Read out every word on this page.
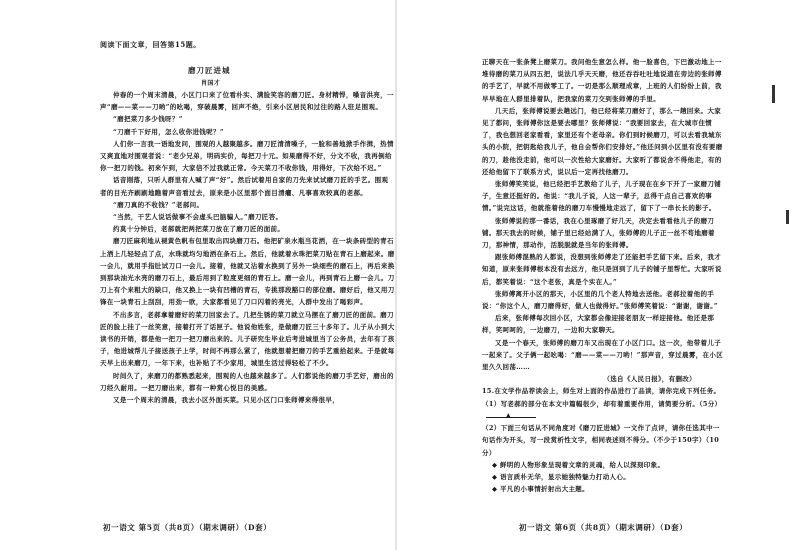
阅读下面文章，回答第15题。
磨刀匠进城
肖国才

仲春的一个周末清晨，小区门口来了位看朴实、满脸笑容的磨刀匠。身材精悍，嗓音洪亮，一声“磨——菜——刀哟”的吆喝，穿破晨雾，回声不绝，引来小区居民和过往的路人驻足围观。

“磨把菜刀多少钱呀？”

“刀磨千下好用，怎么收你进钱呢？”

人们你一言我一语地发问，围观的人越聚越多。磨刀匠清清嗓子，一脸和善地掀手作揖，热情又爽直地对围观者说：“老少兄弟，明码实价，每把刀十元。如果磨得不好，分文不收，我再倒给你一把刀的钱。初来乍到，大家信不过我就正常。今天菜刀不收你钱，用得好，下次给不迟。”

话音刚落，只听人群里有人喊了声“好”。然后试着用自家的刀先来试试磨刀匠的手艺。围观者的目光齐刷刷地瞧着声音看过去，原来是小区里那个面目清癯、凡事喜欢较真的老郝。

“磨刀真的不收钱？”老郝问。

“当然，干艺人说话做事不会虚头巴脑骗人。”磨刀匠答。

约莫十分钟后，老郝就把两把菜刀放在了磨刀匠的面前。

磨刀匠麻利地从褪黄色帆布包里取出四块磨刀石。他把矿泉水瓶当花洒，在一块条砖型的青石上洒上几轻轻点了点，水珠就均匀地洒在条石上。然后，他就着水珠把菜刀贴在青石上磨起来。磨一会儿，就用手指肚试刀口一会儿。接着，他就又沾着水换到了另外一块细些的磨石上，再后来换到那块油光水亮的磨刀石上，最后用到了粒度更细的青石上。磨一会儿，再到青石上磨一会儿。刀刀上有个来粗大的缺口，他又换上一块有凹槽的青石，专挑那段豁口的部位磨。磨好后，他又用刀锋在一块青石上刮刮，用劲一欧，大家都看见了刀口闪着的亮光，人群中发出了喝彩声。

不出多言，老郝拿着磨好的菜刀回家去了。几把生锈的菜刀就立马摆在了磨刀匠的面前。磨刀匠的脸上挂了一丝笑意，接着打开了话匣子。他说他姓张，是做磨刀匠三十多年了。儿子从小到大读书的开销，都是他一把刀一把刀磨出来的。儿子研究生毕业后考进城里当了公务员，去年有了孩子，他进城帮儿子接送孩子上学，时间不再那么紧了，他就想着把磨刀的手艺重拾起来。于是就每天早上出来磨刀，一年下来，也补贴了不少家用，城里生活过得轻松了不少。

时间久了，来磨刀的都熟悉起来，围观的人也越来越多了。人们都说他的磨刀手艺好，磨出的刀经久耐用。一把刀磨出来，都有一种赏心悦目的美感。

又是一个周末的清晨，我去小区外面买菜。只见小区门口张师傅来得很早，

初一语文 第5页（共8页）（期末调研）（D套）

正聊天在一张条凳上磨菜刀。我问他生意怎么样。他一脸喜色，下巴激动地上一堆待磨的菜刀从四五把，说法几乎天天磨，他还吞吞吐吐地说道在旁边的张师傅的手艺了，早就不用做零工了。一切是那么顺理成章，上班的人们纷纷上前，我早早地在人群里排着队，把我家的菜刀交到张师傅的手里。

几天后，张师傅说要去趟远门，他已经将菜刀磨好了，那么一趟回来。大家见了都问，张师傅你这是要去哪里？张师傅说：“我要回家去，在大城市住惯了，我也想回老家看看，家里还有个老母亲。你们到时候磨刀，可以去看我城东头的小院，把钥匙给我儿子，他自会帮你们安排好。”他还问到小区里有没有要磨的刀，趁他没走前，他可以一次性给大家磨好。大家听了都说舍不得他走，有的还给他留下了联系方式，说以后一定再找他磨刀。

张师傅笑笑说，他已经把手艺教给了儿子，儿子现在在乡下开了一家磨刀铺子，生意还挺好的。他说：“我儿子说，人这一辈子，总得干点自己喜欢的事情。”说完这话，他就推着他的磨刀车慢慢地走远了，留下了一串长长的影子。

张师傅说的那一番话，我在心里琢磨了好几天，决定去看看他儿子的磨刀铺。那天我去的时候，铺子里已经站满了人，张师傅的儿子正一丝不苟地磨着刀，那神情，那动作，活脱脱就是当年的张师傅。

跟张师傅混熟的人都说，没想到张师傅走了还能把手艺留下来。后来，我才知道，原来张师傅根本没有去远方，他只是回到了儿子的铺子里帮忙。大家听说后，都笑着说：“这个老张，真是个实在人。”

张师傅离开小区的那天，小区里的几个老人特地去送他。老郝拉着他的手说：“你这个人，磨刀磨得好，做人也做得好。”张师傅笑着说：“谢谢，谢谢。”

后来，张师傅每次回小区，大家都会像迎接老朋友一样迎接他。他还是那样，笑呵呵的，一边磨刀，一边和大家聊天。

又是一个春天，张师傅的磨刀车又出现在了小区门口。这一次，他带着儿子一起来了。父子俩一起吆喝：“磨——菜——刀哟！”那声音，穿过晨雾，在小区里久久回荡……

（选自《人民日报》，有删改）

15.在文学作品荐读会上，师生对上面的作品进行了品读，请你完成下列任务。

（1）写老郝的部分在本文中篇幅很少，却有着重要作用，请简要分析。（5分）

▲

（2）下面三句话从不同角度对《磨刀匠进城》一文作了点评，请你任选其中一句话作为开头，写一段赏析性文字，相同表述则不得分。（不少于150字）（10分）

◆ 鲜明的人物形象呈现着文章的灵魂，给人以深刻印象。

◆ 语言质朴无华，显示她独特魅力打动人心。

◆ 平凡的小事情折射出大主题。

初一语文 第6页（共8页）（期末调研）（D套）
